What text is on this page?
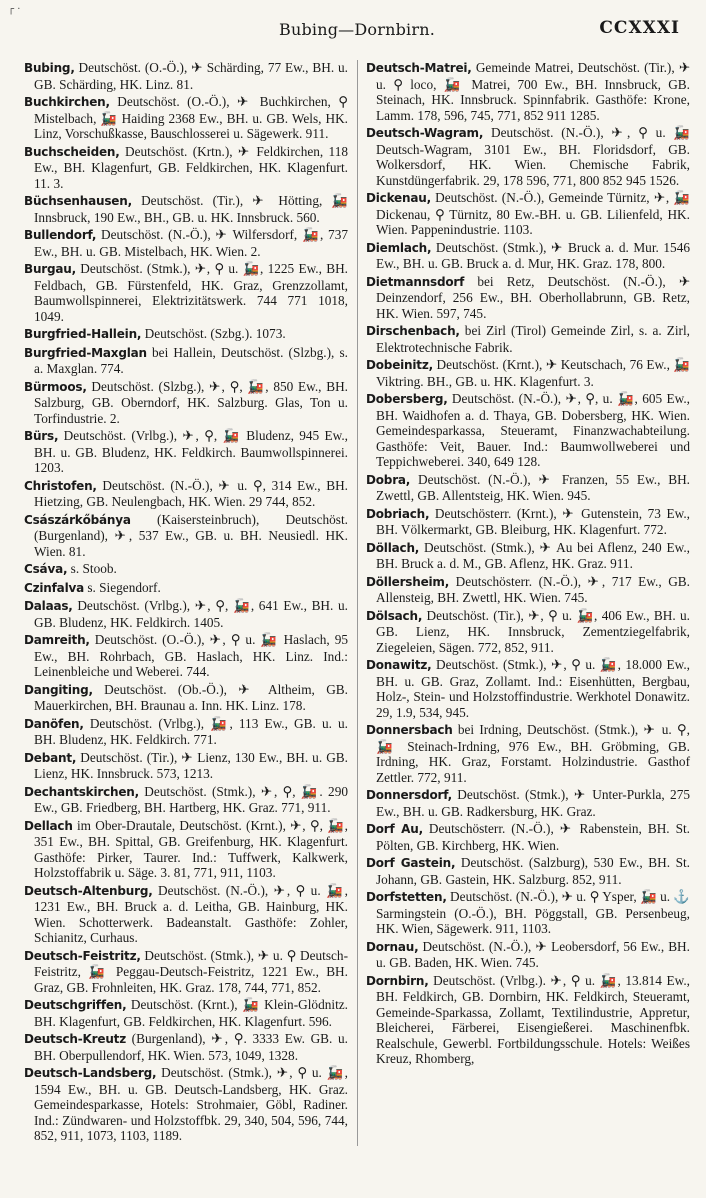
┌ ·
Bubing—Dornbirn.	CCXXXI

Bubing, Deutschöst. (O.-Ö.), ✈ Schärding, 77 Ew., BH. u. GB. Schärding, HK. Linz. 81.

Buchkirchen, Deutschöst. (O.-Ö.), ✈ Buchkirchen, ⚲ Mistelbach, 🚂 Haiding 2368 Ew., BH. u. GB. Wels, HK. Linz, Vorschußkasse, Bauschlosserei u. Sägewerk. 911.

Buchscheiden, Deutschöst. (Krtn.), ✈ Feldkirchen, 118 Ew., BH. Klagenfurt, GB. Feldkirchen, HK. Klagenfurt. 11. 3.

Büchsenhausen, Deutschöst. (Tir.), ✈ Hötting, 🚂 Innsbruck, 190 Ew., BH., GB. u. HK. Innsbruck. 560.

Bullendorf, Deutschöst. (N.-Ö.), ✈ Wilfersdorf, 🚂, 737 Ew., BH. u. GB. Mistelbach, HK. Wien. 2.

Burgau, Deutschöst. (Stmk.), ✈, ⚲ u. 🚂, 1225 Ew., BH. Feldbach, GB. Fürstenfeld, HK. Graz, Grenzzollamt, Baumwollspinnerei, Elektrizitätswerk. 744 771 1018, 1049.

Burgfried-Hallein, Deutschöst. (Szbg.). 1073.

Burgfried-Maxglan bei Hallein, Deutschöst. (Slzbg.), s. a. Maxglan. 774.

Bürmoos, Deutschöst. (Slzbg.), ✈, ⚲, 🚂, 850 Ew., BH. Salzburg, GB. Oberndorf, HK. Salzburg. Glas, Ton u. Torfindustrie. 2.

Bürs, Deutschöst. (Vrlbg.), ✈, ⚲, 🚂 Bludenz, 945 Ew., BH. u. GB. Bludenz, HK. Feldkirch. Baumwollspinnerei. 1203.

Christofen, Deutschöst. (N.-Ö.), ✈ u. ⚲, 314 Ew., BH. Hietzing, GB. Neulengbach, HK. Wien. 29 744, 852.

Császárkőbánya (Kaisersteinbruch), Deutschöst. (Burgenland), ✈, 537 Ew., GB. u. BH. Neusiedl. HK. Wien. 81.

Csáva, s. Stoob.

Czinfalva s. Siegendorf.

Dalaas, Deutschöst. (Vrlbg.), ✈, ⚲, 🚂, 641 Ew., BH. u. GB. Bludenz, HK. Feldkirch. 1405.

Damreith, Deutschöst. (O.-Ö.), ✈, ⚲ u. 🚂 Haslach, 95 Ew., BH. Rohrbach, GB. Haslach, HK. Linz. Ind.: Leinenbleiche und Weberei. 744.

Dangiting, Deutschöst. (Ob.-Ö.), ✈ Altheim, GB. Mauerkirchen, BH. Braunau a. Inn. HK. Linz. 178.

Danöfen, Deutschöst. (Vrlbg.), 🚂, 113 Ew., GB. u. u. BH. Bludenz, HK. Feldkirch. 771.

Debant, Deutschöst. (Tir.), ✈ Lienz, 130 Ew., BH. u. GB. Lienz, HK. Innsbruck. 573, 1213.

Dechantskirchen, Deutschöst. (Stmk.), ✈, ⚲, 🚂. 290 Ew., GB. Friedberg, BH. Hartberg, HK. Graz. 771, 911.

Dellach im Ober-Drautale, Deutschöst. (Krnt.), ✈, ⚲, 🚂, 351 Ew., BH. Spittal, GB. Greifenburg, HK. Klagenfurt. Gasthöfe: Pirker, Taurer. Ind.: Tuffwerk, Kalkwerk, Holzstoffabrik u. Säge. 3. 81, 771, 911, 1103.

Deutsch-Altenburg, Deutschöst. (N.-Ö.), ✈, ⚲ u. 🚂, 1231 Ew., BH. Bruck a. d. Leitha, GB. Hainburg, HK. Wien. Schotterwerk. Badeanstalt. Gasthöfe: Zohler, Schianitz, Curhaus.

Deutsch-Feistritz, Deutschöst. (Stmk.), ✈ u. ⚲ Deutsch-Feistritz, 🚂 Peggau-Deutsch-Feistritz, 1221 Ew., BH. Graz, GB. Frohnleiten, HK. Graz. 178, 744, 771, 852.

Deutschgriffen, Deutschöst. (Krnt.), 🚂 Klein-Glödnitz. BH. Klagenfurt, GB. Feldkirchen, HK. Klagenfurt. 596.

Deutsch-Kreutz (Burgenland), ✈, ⚲. 3333 Ew. GB. u. BH. Oberpullendorf, HK. Wien. 573, 1049, 1328.

Deutsch-Landsberg, Deutschöst. (Stmk.), ✈, ⚲ u. 🚂, 1594 Ew., BH. u. GB. Deutsch-Landsberg, HK. Graz. Gemeindesparkasse, Hotels: Strohmaier, Göbl, Radiner. Ind.: Zündwaren- und Holzstoffbk. 29, 340, 504, 596, 744, 852, 911, 1073, 1103, 1189.

Deutsch-Matrei, Gemeinde Matrei, Deutschöst. (Tir.), ✈ u. ⚲ loco, 🚂 Matrei, 700 Ew., BH. Innsbruck, GB. Steinach, HK. Innsbruck. Spinnfabrik. Gasthöfe: Krone, Lamm. 178, 596, 745, 771, 852 911 1285.

Deutsch-Wagram, Deutschöst. (N.-Ö.), ✈, ⚲ u. 🚂 Deutsch-Wagram, 3101 Ew., BH. Floridsdorf, GB. Wolkersdorf, HK. Wien. Chemische Fabrik, Kunstdüngerfabrik. 29, 178 596, 771, 800 852 945 1526.

Dickenau, Deutschöst. (N.-Ö.), Gemeinde Türnitz, ✈, 🚂 Dickenau, ⚲ Türnitz, 80 Ew.-BH. u. GB. Lilienfeld, HK. Wien. Pappenindustrie. 1103.

Diemlach, Deutschöst. (Stmk.), ✈ Bruck a. d. Mur. 1546 Ew., BH. u. GB. Bruck a. d. Mur, HK. Graz. 178, 800.

Dietmannsdorf bei Retz, Deutschöst. (N.-Ö.), ✈ Deinzendorf, 256 Ew., BH. Oberhollabrunn, GB. Retz, HK. Wien. 597, 745.

Dirschenbach, bei Zirl (Tirol) Gemeinde Zirl, s. a. Zirl, Elektrotechnische Fabrik.

Dobeinitz, Deutschöst. (Krnt.), ✈ Keutschach, 76 Ew., 🚂 Viktring. BH., GB. u. HK. Klagenfurt. 3.

Dobersberg, Deutschöst. (N.-Ö.), ✈, ⚲, u. 🚂, 605 Ew., BH. Waidhofen a. d. Thaya, GB. Dobersberg, HK. Wien. Gemeindesparkassa, Steueramt, Finanzwachabteilung. Gasthöfe: Veit, Bauer. Ind.: Baumwollweberei und Teppichweberei. 340, 649 128.

Dobra, Deutschöst. (N.-Ö.), ✈ Franzen, 55 Ew., BH. Zwettl, GB. Allentsteig, HK. Wien. 945.

Dobriach, Deutschösterr. (Krnt.), ✈ Gutenstein, 73 Ew., BH. Völkermarkt, GB. Bleiburg, HK. Klagenfurt. 772.

Döllach, Deutschöst. (Stmk.), ✈ Au bei Aflenz, 240 Ew., BH. Bruck a. d. M., GB. Aflenz, HK. Graz. 911.

Döllersheim, Deutschösterr. (N.-Ö.), ✈, 717 Ew., GB. Allensteig, BH. Zwettl, HK. Wien. 745.

Dölsach, Deutschöst. (Tir.), ✈, ⚲ u. 🚂, 406 Ew., BH. u. GB. Lienz, HK. Innsbruck, Zementziegelfabrik, Ziegeleien, Sägen. 772, 852, 911.

Donawitz, Deutschöst. (Stmk.), ✈, ⚲ u. 🚂, 18.000 Ew., BH. u. GB. Graz, Zollamt. Ind.: Eisenhütten, Bergbau, Holz-, Stein- und Holzstoffindustrie. Werkhotel Donawitz. 29, 1.9, 534, 945.

Donnersbach bei Irdning, Deutschöst. (Stmk.), ✈ u. ⚲, 🚂 Steinach-Irdning, 976 Ew., BH. Gröbming, GB. Irdning, HK. Graz, Forstamt. Holzindustrie. Gasthof Zettler. 772, 911.

Donnersdorf, Deutschöst. (Stmk.), ✈ Unter-Purkla, 275 Ew., BH. u. GB. Radkersburg, HK. Graz.

Dorf Au, Deutschösterr. (N.-Ö.), ✈ Rabenstein, BH. St. Pölten, GB. Kirchberg, HK. Wien.

Dorf Gastein, Deutschöst. (Salzburg), 530 Ew., BH. St. Johann, GB. Gastein, HK. Salzburg. 852, 911.

Dorfstetten, Deutschöst. (N.-Ö.), ✈ u. ⚲ Ysper, 🚂 u. ⚓ Sarmingstein (O.-Ö.), BH. Pöggstall, GB. Persenbeug, HK. Wien, Sägewerk. 911, 1103.

Dornau, Deutschöst. (N.-Ö.), ✈ Leobersdorf, 56 Ew., BH. u. GB. Baden, HK. Wien. 745.

Dornbirn, Deutschöst. (Vrlbg.). ✈, ⚲ u. 🚂, 13.814 Ew., BH. Feldkirch, GB. Dornbirn, HK. Feldkirch, Steueramt, Gemeinde-Sparkassa, Zollamt, Textilindustrie, Appretur, Bleicherei, Färberei, Eisengießerei. Maschinenfbk. Realschule, Gewerbl. Fortbildungsschule. Hotels: Weißes Kreuz, Rhomberg,
